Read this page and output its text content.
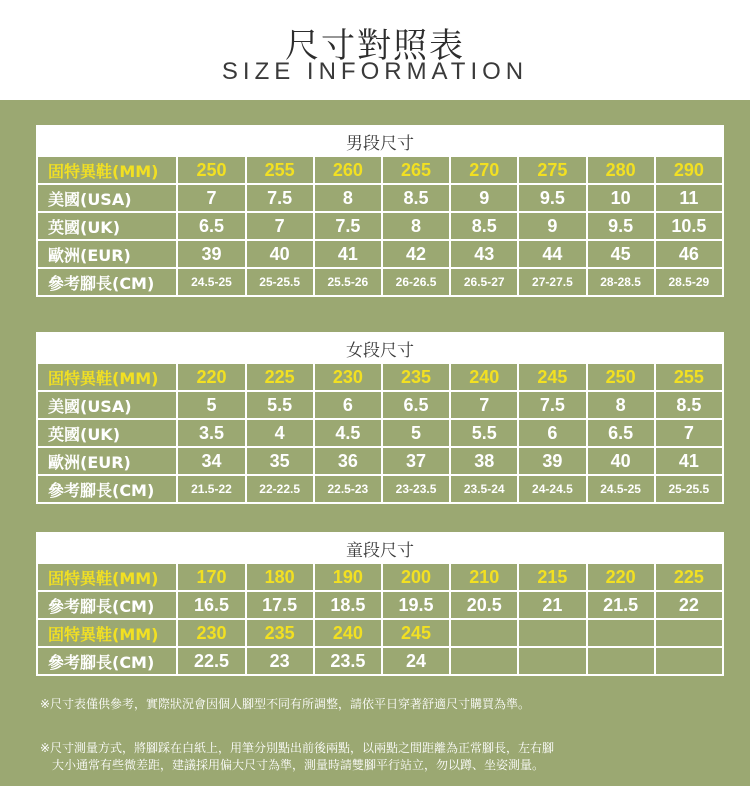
尺寸對照表
SIZE INFORMATION
男段尺寸								
固特異鞋(MM)	250	255	260	265	270	275	280	290
美國(USA)	7	7.5	8	8.5	9	9.5	10	11
英國(UK)	6.5	7	7.5	8	8.5	9	9.5	10.5
歐洲(EUR)	39	40	41	42	43	44	45	46
參考腳長(CM)	24.5-25	25-25.5	25.5-26	26-26.5	26.5-27	27-27.5	28-28.5	28.5-29
女段尺寸								
固特異鞋(MM)	220	225	230	235	240	245	250	255
美國(USA)	5	5.5	6	6.5	7	7.5	8	8.5
英國(UK)	3.5	4	4.5	5	5.5	6	6.5	7
歐洲(EUR)	34	35	36	37	38	39	40	41
參考腳長(CM)	21.5-22	22-22.5	22.5-23	23-23.5	23.5-24	24-24.5	24.5-25	25-25.5
童段尺寸								
固特異鞋(MM)	170	180	190	200	210	215	220	225
參考腳長(CM)	16.5	17.5	18.5	19.5	20.5	21	21.5	22
固特異鞋(MM)	230	235	240	245				
參考腳長(CM)	22.5	23	23.5	24				
※尺寸表僅供參考，實際狀況會因個人腳型不同有所調整，請依平日穿著舒適尺寸購買為準。
※尺寸測量方式，將腳踩在白紙上，用筆分別點出前後兩點，以兩點之間距離為正常腳長，左右腳
大小通常有些微差距，建議採用偏大尺寸為準，測量時請雙腳平行站立，勿以蹲、坐姿測量。
